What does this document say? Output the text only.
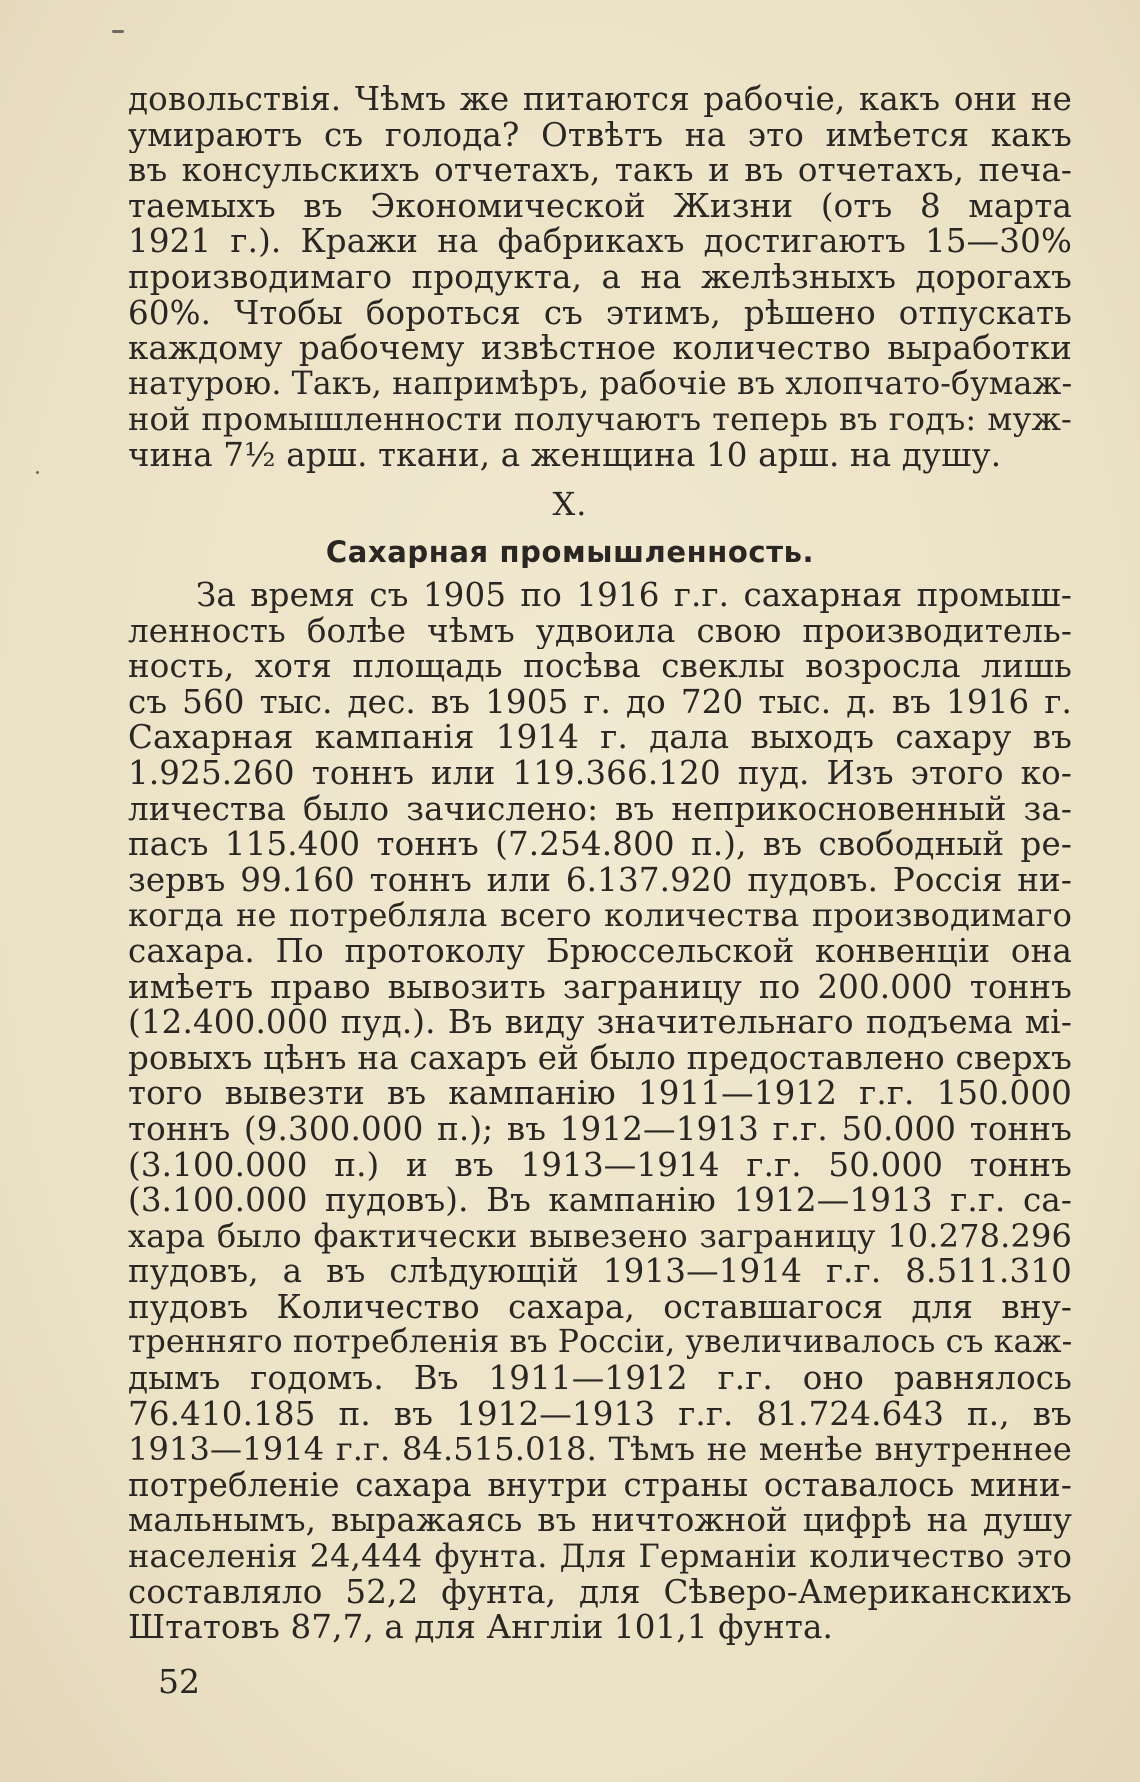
довольствія. Чѣмъ же питаются рабочіе, какъ они не
умираютъ съ голода? Отвѣтъ на это имѣется какъ
въ консульскихъ отчетахъ, такъ и въ отчетахъ, печа-
таемыхъ въ Экономической Жизни (отъ 8 марта
1921 г.). Кражи на фабрикахъ достигаютъ 15—30%
производимаго продукта, а на желѣзныхъ дорогахъ
60%. Чтобы бороться съ этимъ, рѣшено отпускать
каждому рабочему извѣстное количество выработки
натурою. Такъ, напримѣръ, рабочіе въ хлопчато-бумаж-
ной промышленности получаютъ теперь въ годъ: муж-
чина 7½ арш. ткани, а женщина 10 арш. на душу.
X.
Сахарная промышленность.
За время съ 1905 по 1916 г.г. сахарная промыш-
ленность болѣе чѣмъ удвоила свою производитель-
ность, хотя площадь посѣва свеклы возросла лишь
съ 560 тыс. дес. въ 1905 г. до 720 тыс. д. въ 1916 г.
Сахарная кампанія 1914 г. дала выходъ сахару въ
1.925.260 тоннъ или 119.366.120 пуд. Изъ этого ко-
личества было зачислено: въ неприкосновенный за-
пасъ 115.400 тоннъ (7.254.800 п.), въ свободный ре-
зервъ 99.160 тоннъ или 6.137.920 пудовъ. Россія ни-
когда не потребляла всего количества производимаго
сахара. По протоколу Брюссельской конвенціи она
имѣетъ право вывозить заграницу по 200.000 тоннъ
(12.400.000 пуд.). Въ виду значительнаго подъема мі-
ровыхъ цѣнъ на сахаръ ей было предоставлено сверхъ
того вывезти въ кампанію 1911—1912 г.г. 150.000
тоннъ (9.300.000 п.); въ 1912—1913 г.г. 50.000 тоннъ
(3.100.000 п.) и въ 1913—1914 г.г. 50.000 тоннъ
(3.100.000 пудовъ). Въ кампанію 1912—1913 г.г. са-
хара было фактически вывезено заграницу 10.278.296
пудовъ, а въ слѣдующій 1913—1914 г.г. 8.511.310
пудовъ Количество сахара, оставшагося для вну-
тренняго потребленія въ Россіи, увеличивалось съ каж-
дымъ годомъ. Въ 1911—1912 г.г. оно равнялось
76.410.185 п. въ 1912—1913 г.г. 81.724.643 п., въ
1913—1914 г.г. 84.515.018. Тѣмъ не менѣе внутреннее
потребленіе сахара внутри страны оставалось мини-
мальнымъ, выражаясь въ ничтожной цифрѣ на душу
населенія 24,444 фунта. Для Германіи количество это
составляло 52,2 фунта, для Сѣверо-Американскихъ
Штатовъ 87,7, а для Англіи 101,1 фунта.
52
